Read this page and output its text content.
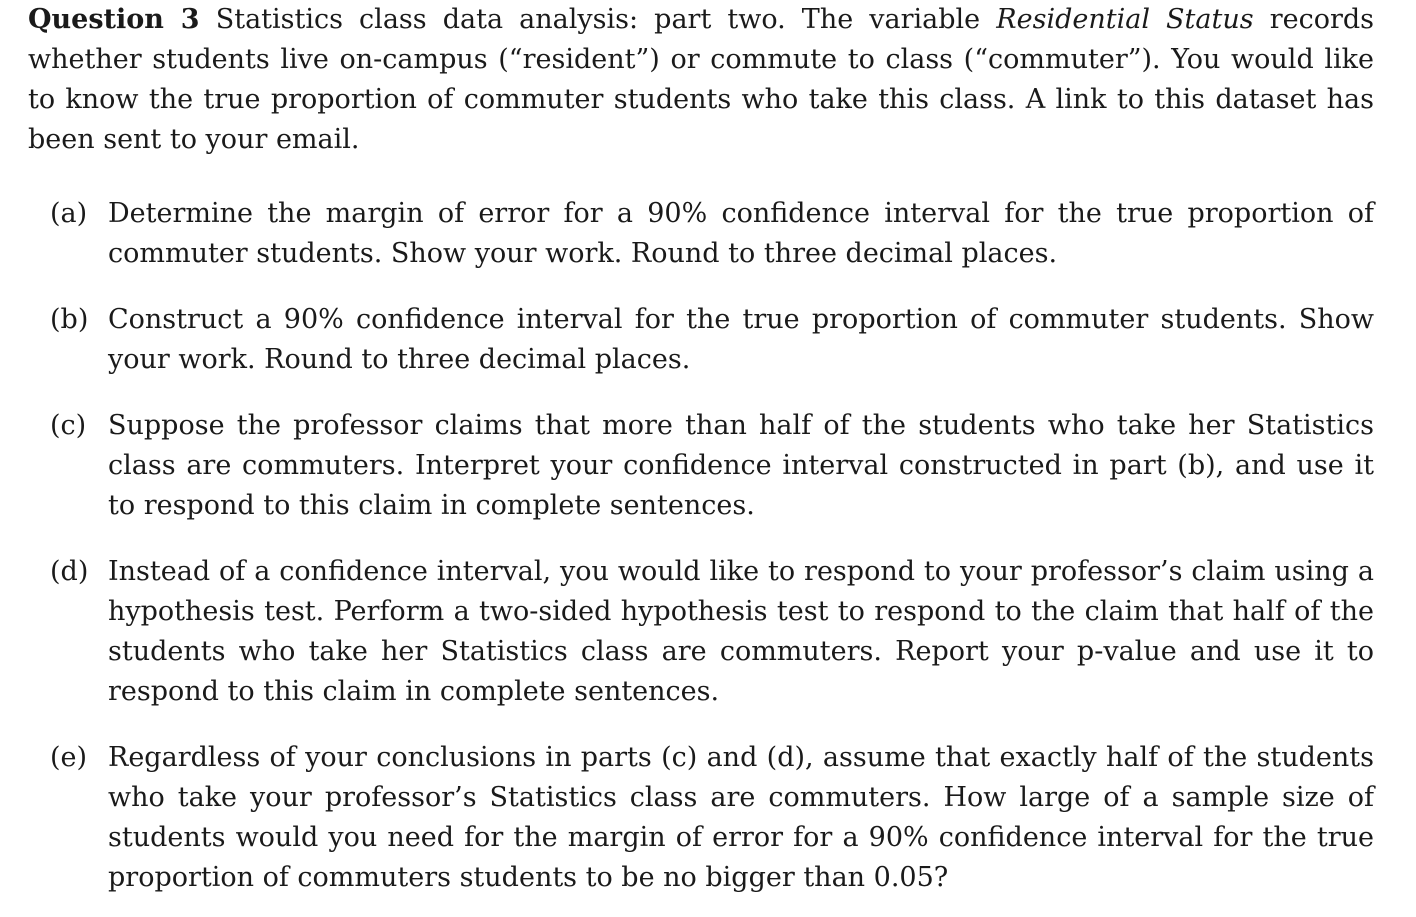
Question 3 Statistics class data analysis: part two. The variable Residential Status records whether students live on-campus (“resident”) or commute to class (“commuter”). You would like to know the true proportion of commuter students who take this class. A link to this dataset has been sent to your email.

(a) Determine the margin of error for a 90% confidence interval for the true proportion of commuter students. Show your work. Round to three decimal places.

(b) Construct a 90% confidence interval for the true proportion of commuter students. Show your work. Round to three decimal places.

(c) Suppose the professor claims that more than half of the students who take her Statistics class are commuters. Interpret your confidence interval constructed in part (b), and use it to respond to this claim in complete sentences.

(d) Instead of a confidence interval, you would like to respond to your professor’s claim using a hypothesis test. Perform a two-sided hypothesis test to respond to the claim that half of the students who take her Statistics class are commuters. Report your p-value and use it to respond to this claim in complete sentences.

(e) Regardless of your conclusions in parts (c) and (d), assume that exactly half of the students who take your professor’s Statistics class are commuters. How large of a sample size of students would you need for the margin of error for a 90% confidence interval for the true proportion of commuters students to be no bigger than 0.05?
